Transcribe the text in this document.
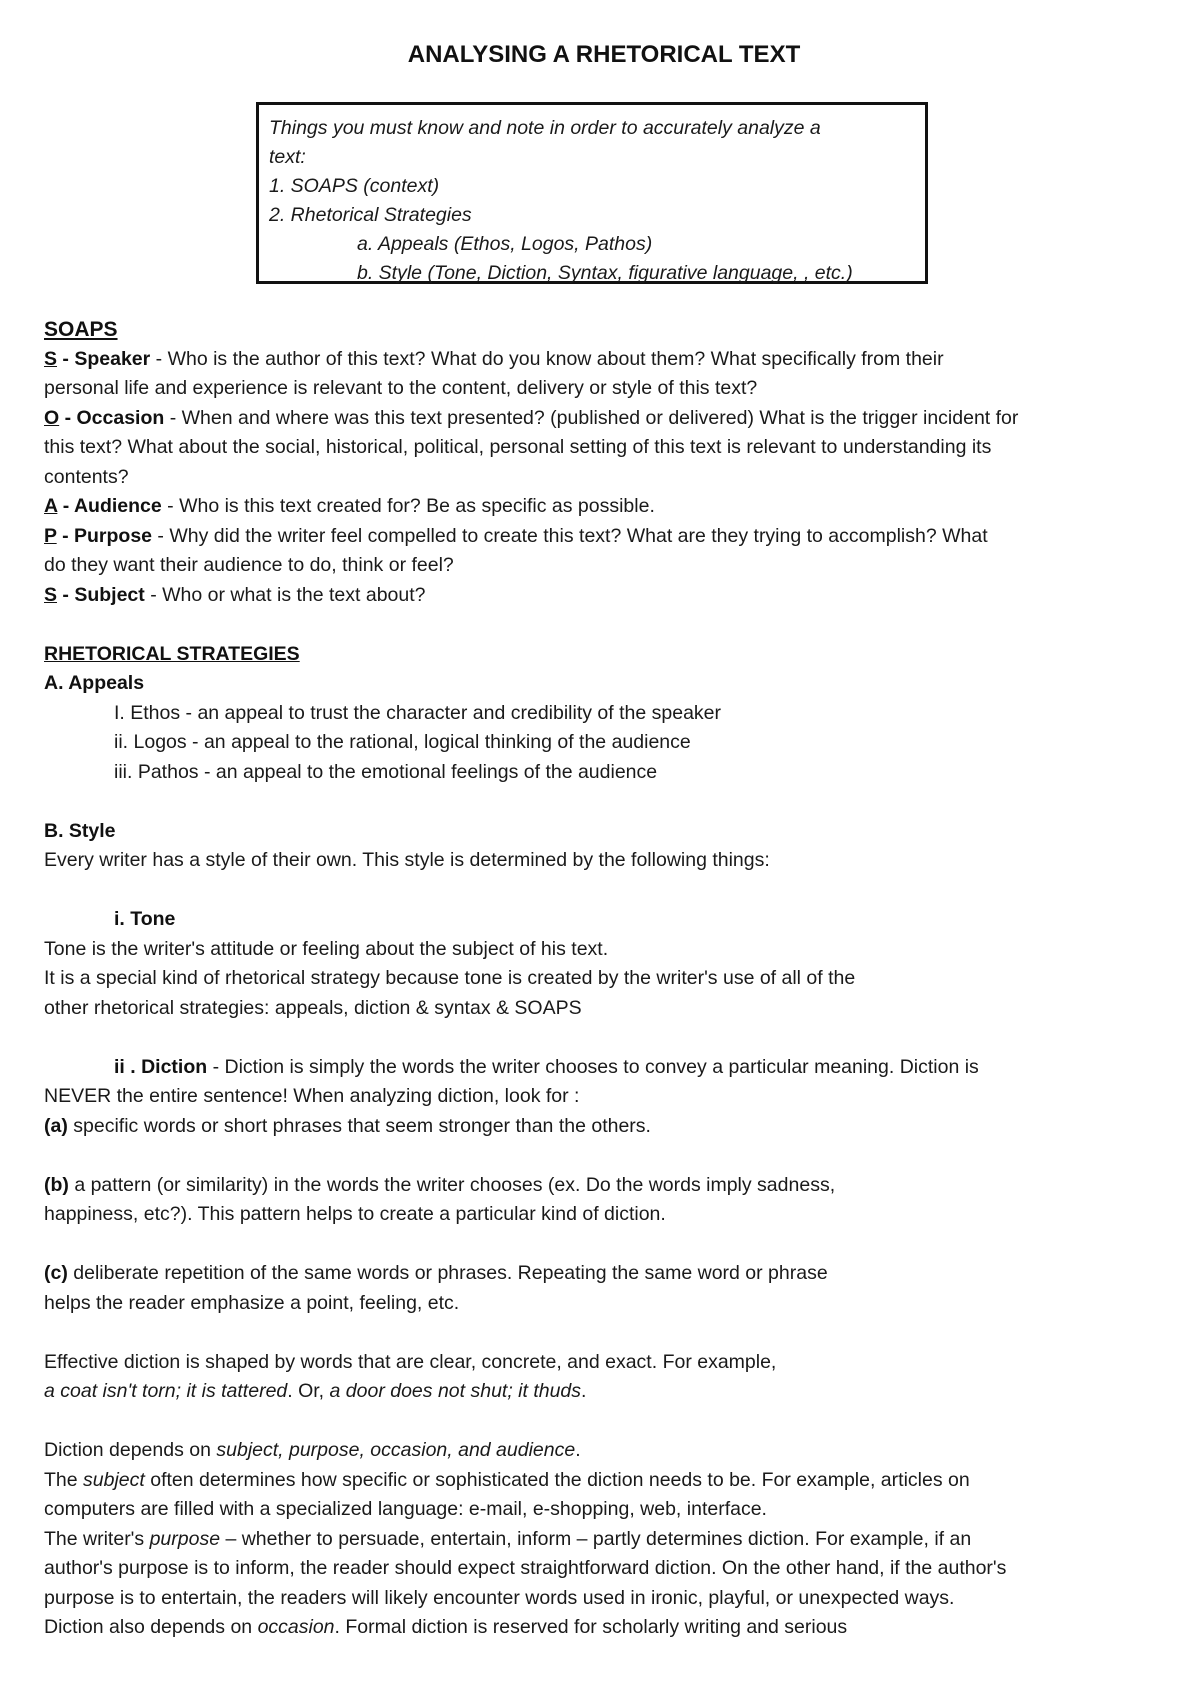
ANALYSING A RHETORICAL TEXT
Things you must know and note in order to accurately analyze a
text:
1. SOAPS (context)
2. Rhetorical Strategies
a. Appeals (Ethos, Logos, Pathos)
b. Style (Tone, Diction, Syntax, figurative language, , etc.)
SOAPS
S - Speaker - Who is the author of this text? What do you know about them? What specifically from their
personal life and experience is relevant to the content, delivery or style of this text?
O - Occasion - When and where was this text presented? (published or delivered) What is the trigger incident for
this text? What about the social, historical, political, personal setting of this text is relevant to understanding its
contents?
A - Audience - Who is this text created for? Be as specific as possible.
P - Purpose - Why did the writer feel compelled to create this text? What are they trying to accomplish? What
do they want their audience to do, think or feel?
S - Subject - Who or what is the text about?
RHETORICAL STRATEGIES
A. Appeals
I. Ethos - an appeal to trust the character and credibility of the speaker
ii. Logos - an appeal to the rational, logical thinking of the audience
iii. Pathos - an appeal to the emotional feelings of the audience
B. Style
Every writer has a style of their own. This style is determined by the following things:
i. Tone
Tone is the writer's attitude or feeling about the subject of his text.
It is a special kind of rhetorical strategy because tone is created by the writer's use of all of the
other rhetorical strategies: appeals, diction & syntax & SOAPS
ii . Diction - Diction is simply the words the writer chooses to convey a particular meaning. Diction is
NEVER the entire sentence! When analyzing diction, look for :
(a) specific words or short phrases that seem stronger than the others.
(b) a pattern (or similarity) in the words the writer chooses (ex. Do the words imply sadness,
happiness, etc?). This pattern helps to create a particular kind of diction.
(c) deliberate repetition of the same words or phrases. Repeating the same word or phrase
helps the reader emphasize a point, feeling, etc.
Effective diction is shaped by words that are clear, concrete, and exact. For example,
a coat isn't torn; it is tattered. Or, a door does not shut; it thuds.
Diction depends on subject, purpose, occasion, and audience.
The subject often determines how specific or sophisticated the diction needs to be. For example, articles on
computers are filled with a specialized language: e-mail, e-shopping, web, interface.
The writer's purpose – whether to persuade, entertain, inform – partly determines diction. For example, if an
author's purpose is to inform, the reader should expect straightforward diction. On the other hand, if the author's
purpose is to entertain, the readers will likely encounter words used in ironic, playful, or unexpected ways.
Diction also depends on occasion. Formal diction is reserved for scholarly writing and serious
